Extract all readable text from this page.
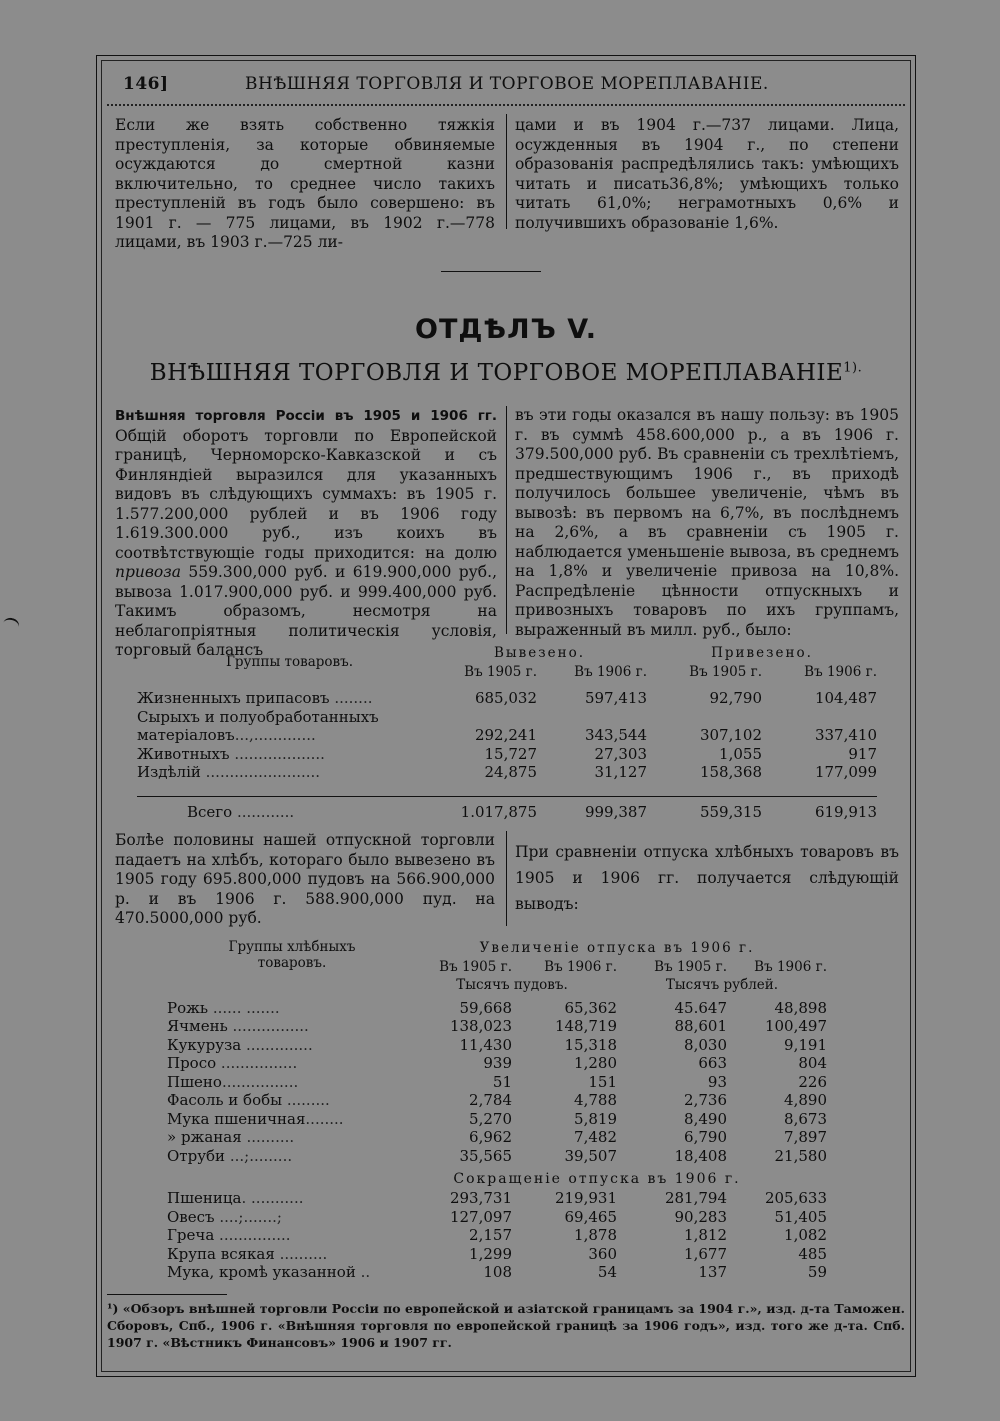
146]	ВНѢШНЯЯ ТОРГОВЛЯ И ТОРГОВОЕ МОРЕПЛАВАНІЕ.
Если же взять собственно тяжкія преступленія, за которые обвиняемые осуждаются до смертной казни включительно, то среднее число такихъ преступленій въ годъ было совершено: въ 1901 г. — 775 лицами, въ 1902 г.—778 лицами, въ 1903 г.—725 ли-
цами и въ 1904 г.—737 лицами. Лица, осужденныя въ 1904 г., по степени образованія распредѣлялись такъ: умѣющихъ читать и писать36,8%; умѣющихъ только читать 61,0%; неграмотныхъ 0,6% и получившихъ образованіе 1,6%.
ОТДѢЛЪ V.
ВНѢШНЯЯ ТОРГОВЛЯ И ТОРГОВОЕ $МОРЕПЛАВАНІЕ^{1).}$
Внѣшняя торговля Россіи въ 1905 и 1906 гг. Общій оборотъ торговли по Европейской границѣ, Черноморско-Кавказской и съ Финляндіей выразился для указанныхъ видовъ въ слѣдующихъ суммахъ: въ 1905 г. 1.577.200,000 рублей и въ 1906 году 1.619.300.000 руб., изъ коихъ въ соотвѣтствующіе годы приходится: на долю привоза 559.300,000 руб. и 619.900,000 руб., вывоза 1.017.900,000 руб. и 999.400,000 руб. Такимъ образомъ, несмотря на неблагопріятныя политическія условія, торговый балансъ
въ эти годы оказался въ нашу пользу: въ 1905 г. въ суммѣ 458.600,000 р., а въ 1906 г. 379.500,000 руб. Въ сравненіи съ трехлѣтіемъ, предшествующимъ 1906 г., въ приходѣ получилось большее увеличеніе, чѣмъ въ вывозѣ: въ первомъ на 6,7%, въ послѣднемъ на 2,6%, а въ сравненіи съ 1905 г. наблюдается уменьшеніе вывоза, въ среднемъ на 1,8% и увеличеніе привоза на 10,8%. Распредѣленіе цѣнности отпускныхъ и привозныхъ товаровъ по ихъ группамъ, выраженный въ милл. руб., было:
Группы товаровъ.	Вывезено.		Привезено.	
	Въ 1905 г.	Въ 1906 г.	Въ 1905 г.	Въ 1906 г.

Жизненныхъ припасовъ ........	685,032	597,413	92,790	104,487
Сырыхъ и полуобработанныхъ матеріаловъ...,.............	292,241	343,544	307,102	337,410
Животныхъ ...................	15,727	27,303	1,055	917
Издѣлій ........................	24,875	31,127	158,368	177,099

Всего ............	1.017,875	999,387	559,315	619,913
Болѣе половины нашей отпускной торговли падаетъ на хлѣбъ, котораго было вывезено въ 1905 году 695.800,000 пудовъ на 566.900,000 р. и въ 1906 г. 588.900,000 пуд. на 470.5000,000 руб.
При сравненіи отпуска хлѣбныхъ товаровъ въ 1905 и 1906 гг. получается слѣдующій выводъ:
Группы хлѣбныхъ товаровъ.	Увеличеніе отпуска въ 1906 г.			
	Въ 1905 г.	Въ 1906 г.	Въ 1905 г.	Въ 1906 г.
	Тысячъ пудовъ.		Тысячъ рублей.	
Рожь ...... .......	59,668	65,362	45.647	48,898
Ячмень ................	138,023	148,719	88,601	100,497
Кукуруза ..............	11,430	15,318	8,030	9,191
Просо ................	939	1,280	663	804
Пшено................	51	151	93	226
Фасоль и бобы .........	2,784	4,788	2,736	4,890
Мука пшеничная........	5,270	5,819	8,490	8,673
» ржаная ..........	6,962	7,482	6,790	7,897
Отруби ...;.........	35,565	39,507	18,408	21,580
Сокращеніе отпуска въ 1906 г.
Пшеница. ...........	293,731	219,931	281,794	205,633
Овесъ ....;.......;	127,097	69,465	90,283	51,405
Греча ...............	2,157	1,878	1,812	1,082
Крупа всякая ..........	1,299	360	1,677	485
Мука, кромѣ указанной ..	108	54	137	59
¹) «Обзоръ внѣшней торговли Россіи по европейской и азіатской границамъ за 1904 г.», изд. д-та Таможен. Сборовъ, Спб., 1906 г. «Внѣшняя торговля по европейской границѣ за 1906 годъ», изд. того же д-та. Спб. 1907 г. «Вѣстникъ Финансовъ» 1906 и 1907 гг.
